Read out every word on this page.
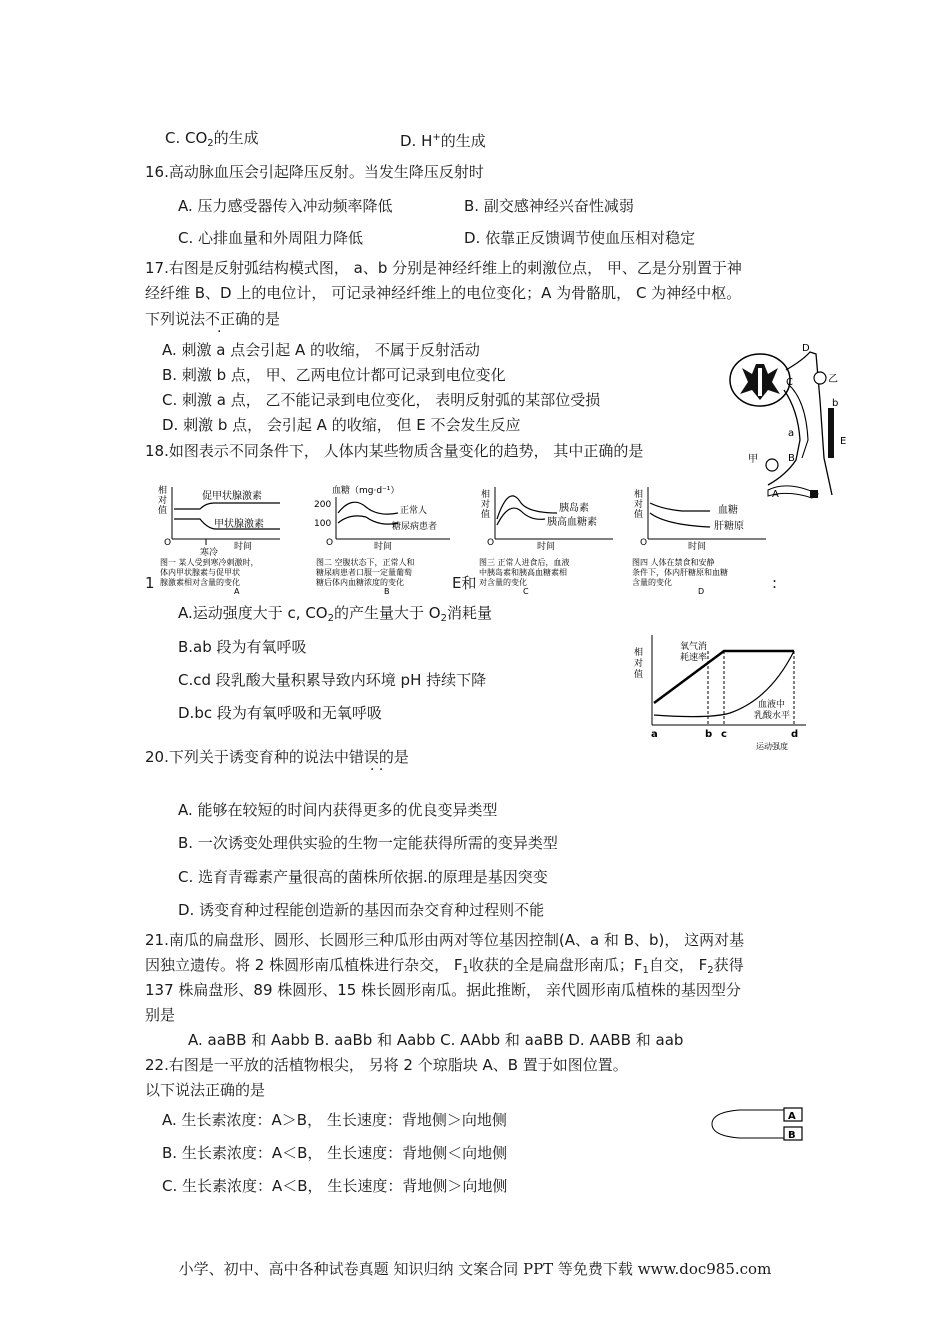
C. $CO_2$的生成	D. H+的生成
16.高动脉血压会引起降压反射。当发生降压反射时
A. 压力感受器传入冲动频率降低	B. 副交感神经兴奋性减弱
C. 心排血量和外周阻力降低	D. 依靠正反馈调节使血压相对稳定
17.右图是反射弧结构模式图， a、b 分别是神经纤维上的刺激位点， 甲、乙是分别置于神
经纤维 B、D 上的电位计， 可记录神经纤维上的电位变化；A 为骨骼肌， C 为神经中枢。
下列说法不正确的是
·
A. 刺激 a 点会引起 A 的收缩， 不属于反射活动
B. 刺激 b 点， 甲、乙两电位计都可记录到电位变化
C. 刺激 a 点， 乙不能记录到电位变化， 表明反射弧的某部位受损
D. 刺激 b 点， 会引起 A 的收缩， 但 E 不会发生反应
D
C	乙
b
E
a
B
甲
A
18.如图表示不同条件下， 人体内某些物质含量变化的趋势， 其中正确的是
相
对
值
促甲状腺激素
甲状腺激素
O	时间
寒冷
图一 某人受到寒冷刺激时，
体内甲状腺素与促甲状
腺激素相对含量的变化
A
血糖（mg·d⁻¹）
200
100
正常人
糖尿病患者
O	时间
图二 空腹状态下，正常人和
糖尿病患者口服一定量葡萄
糖后体内血糖浓度的变化
B
相
对
值
胰岛素
胰高血糖素
O	时间
图三 正常人进食后，血液
中胰岛素和胰高血糖素相
对含量的变化
C
相
对
值	血糖
肝糖原
O	时间
图四 人体在禁食和安静
条件下，体内肝糖原和血糖
含量的变化
D
1	E和	:
A.运动强度大于 c, $CO_2$的产生量大于 $O_2$消耗量
B.ab 段为有氧呼吸
C.cd 段乳酸大量积累导致内环境 pH 持续下降
D.bc 段为有氧呼吸和无氧呼吸
相
对
值
氧气消
耗速率
血液中
乳酸水平
a	b c	d
运动强度
20.下列关于诱变育种的说法中错误的是
· ·
A. 能够在较短的时间内获得更多的优良变异类型
B. 一次诱变处理供实验的生物一定能获得所需的变异类型
C. 选育青霉素产量很高的菌株所依据.的原理是基因突变
D. 诱变育种过程能创造新的基因而杂交育种过程则不能
21.南瓜的扁盘形、圆形、长圆形三种瓜形由两对等位基因控制(A、a 和 B、b)， 这两对基
因独立遗传。将 2 株圆形南瓜植株进行杂交， $F_1$收获的全是扁盘形南瓜；$F_1$自交， $F_2$获得
137 株扁盘形、89 株圆形、15 株长圆形南瓜。据此推断， 亲代圆形南瓜植株的基因型分
别是
A. aaBB 和 Aabb B. aaBb 和 Aabb C. AAbb 和 aaBB D. AABB 和 aab
22.右图是一平放的活植物根尖， 另将 2 个琼脂块 A、B 置于如图位置。
以下说法正确的是
A. 生长素浓度：A＞B， 生长速度：背地侧＞向地侧
B. 生长素浓度：A＜B， 生长速度：背地侧＜向地侧
C. 生长素浓度：A＜B， 生长速度：背地侧＞向地侧
A
B
小学、初中、高中各种试卷真题 知识归纳 文案合同 PPT 等免费下载 www.doc985.com
